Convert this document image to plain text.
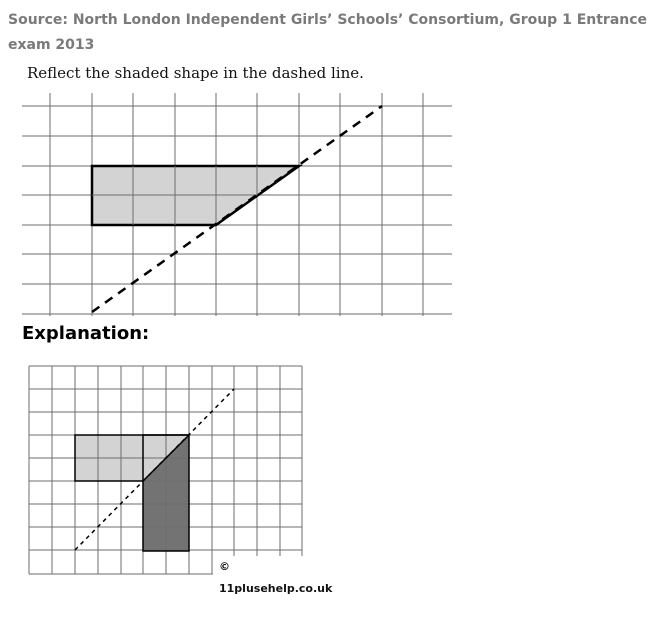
Source: North London Independent Girls’ Schools’ Consortium, Group 1 Entrance exam 2013
Reflect the shaded shape in the dashed line.
Explanation:
© 11plusehelp.co.uk
